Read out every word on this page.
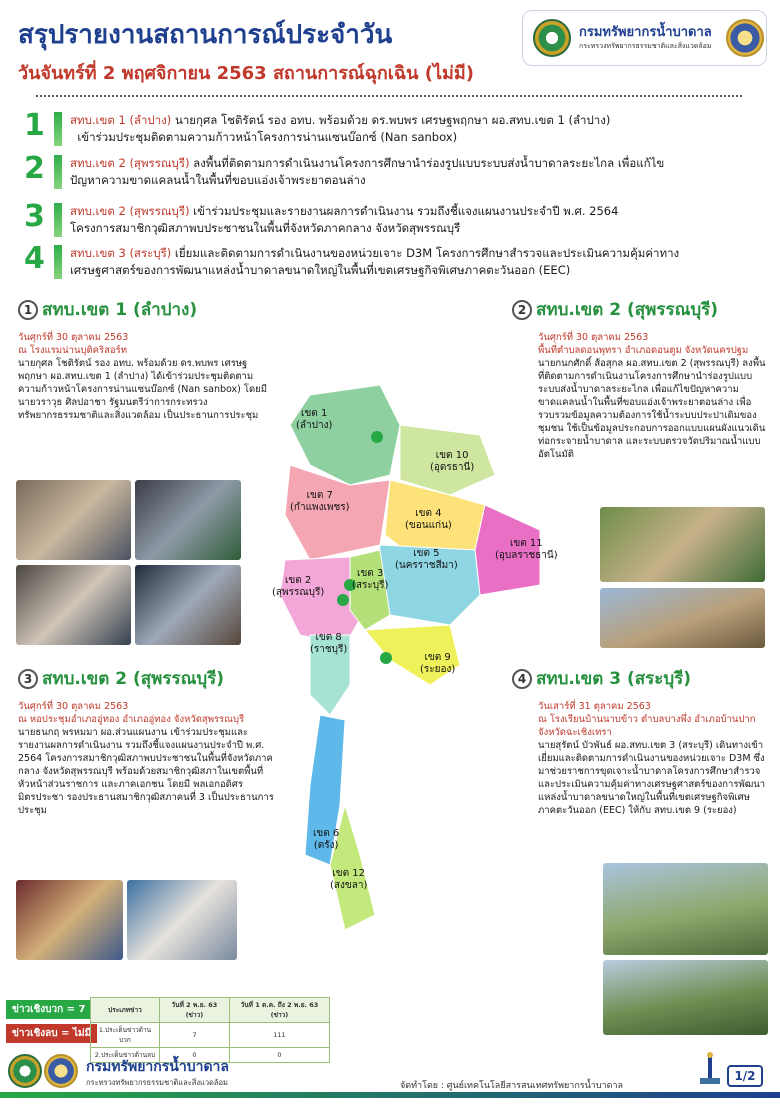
สรุปรายงานสถานการณ์ประจำวัน
วันจันทร์ที่ 2 พฤศจิกายน 2563 สถานการณ์ฉุกเฉิน (ไม่มี)
กรมทรัพยากรน้ำบาดาล
กระทรวงทรัพยากรธรรมชาติและสิ่งแวดล้อม
1 สทบ.เขต 1 (ลำปาง) นายกุศล โชติรัตน์ รอง อทบ. พร้อมด้วย ดร.พบพร เศรษฐพฤกษา ผอ.สทบ.เขต 1 (ลำปาง)
เข้าร่วมประชุมติดตามความก้าวหน้าโครงการน่านแซนบ๊อกซ์ (Nan sanbox)
2 สทบ.เขต 2 (สุพรรณบุรี) ลงพื้นที่ติดตามการดำเนินงานโครงการศึกษานำร่องรูปแบบระบบส่งน้ำบาดาลระยะไกล เพื่อแก้ไข
ปัญหาความขาดแคลนน้ำในพื้นที่ขอบแอ่งเจ้าพระยาตอนล่าง
3 สทบ.เขต 2 (สุพรรณบุรี) เข้าร่วมประชุมและรายงานผลการดำเนินงาน รวมถึงชี้แจงแผนงานประจำปี พ.ศ. 2564
โครงการสมาชิกวุฒิสภาพบประชาชนในพื้นที่จังหวัดภาคกลาง จังหวัดสุพรรณบุรี
4 สทบ.เขต 3 (สระบุรี) เยี่ยมและติดตามการดำเนินงานของหน่วยเจาะ D3M โครงการศึกษาสำรวจและประเมินความคุ้มค่าทาง
เศรษฐศาสตร์ของการพัฒนาแหล่งน้ำบาดาลขนาดใหญ่ในพื้นที่เขตเศรษฐกิจพิเศษภาคตะวันออก (EEC)
เขต 1
(ลำปาง)
เขต 10
(อุดรธานี)
เขต 7
(กำแพงเพชร)
เขต 4
(ขอนแก่น)
เขต 5
(นครราชสีมา)
เขต 11
(อุบลราชธานี)
เขต 2
(สุพรรณบุรี)
เขต 3
(สระบุรี)
เขต 8
(ราชบุรี)
เขต 9
(ระยอง)
เขต 6
(ตรัง)
เขต 12
(สงขลา)
1 สทบ.เขต 1 (ลำปาง)
วันศุกร์ที่ 30 ตุลาคม 2563
ณ โรงแรมน่านบุติคริสอร์ท
นายกุศล โชติรัตน์ รอง อทบ. พร้อมด้วย ดร.พบพร เศรษฐพฤกษา ผอ.สทบ.เขต 1 (ลำปาง) ได้เข้าร่วมประชุมติดตามความก้าวหน้าโครงการน่านแซนบ๊อกซ์ (Nan sanbox) โดยมี นายวราวุธ ศิลปอาชา รัฐมนตรีว่าการกระทรวงทรัพยากรธรรมชาติและสิ่งแวดล้อม เป็นประธานการประชุม
2 สทบ.เขต 2 (สุพรรณบุรี)
วันศุกร์ที่ 30 ตุลาคม 2563
พื้นที่ตำบลดอนพุทรา อำเภอดอนตูม จังหวัดนครปฐม
นายกนกศักดิ์ ส้อสุกล ผอ.สทบ.เขต 2 (สุพรรณบุรี) ลงพื้นที่ติดตามการดำเนินงานโครงการศึกษานำร่องรูปแบบระบบส่งน้ำบาดาลระยะไกล เพื่อแก้ไขปัญหาความขาดแคลนน้ำในพื้นที่ขอบแอ่งเจ้าพระยาตอนล่าง เพื่อรวบรวมข้อมูลความต้องการใช้น้ำระบบประปาเดิมของชุมชน ใช้เป็นข้อมูลประกอบการออกแบบแผนผังแนวเดินท่อกระจายน้ำบาดาล และระบบตรวจวัดปริมาณน้ำแบบอัตโนมัติ
3 สทบ.เขต 2 (สุพรรณบุรี)
วันศุกร์ที่ 30 ตุลาคม 2563
ณ หอประชุมอำเภออู่ทอง อำเภออู่ทอง จังหวัดสุพรรณบุรี
นายธนกฤ พรหมมา ผอ.ส่วนแผนงาน เข้าร่วมประชุมและรายงานผลการดำเนินงาน รวมถึงชี้แจงแผนงานประจำปี พ.ศ. 2564 โครงการสมาชิกวุฒิสภาพบประชาชนในพื้นที่จังหวัดภาคกลาง จังหวัดสุพรรณบุรี พร้อมด้วยสมาชิกวุฒิสภาในเขตพื้นที่ หัวหน้าส่วนราชการ และภาคเอกชน โดยมี พลเอกอดิศร มิตรประชา รองประธานสมาชิกวุฒิสภาคนที่ 3 เป็นประธานการประชุม
4 สทบ.เขต 3 (สระบุรี)
วันเสาร์ที่ 31 ตุลาคม 2563
ณ โรงเรียนบ้านนาบข้าว ตำบลบางพึ่ง อำเภอบ้านปากจังหวัดฉะเชิงเทรา
นายสุรัตน์ บัวพันธ์ ผอ.สทบ.เขต 3 (สระบุรี) เดินทางเข้าเยี่ยมและติดตามการดำเนินงานของหน่วยเจาะ D3M ซึ่งมาช่วยราชการขุดเจาะน้ำบาดาลโครงการศึกษาสำรวจและประเมินความคุ้มค่าทางเศรษฐศาสตร์ของการพัฒนาแหล่งน้ำบาดาลขนาดใหญ่ในพื้นที่เขตเศรษฐกิจพิเศษภาคตะวันออก (EEC) ให้กับ สทบ.เขต 9 (ระยอง)
ข่าวเชิงบวก = 7
ข่าวเชิงลบ = ไม่มี
ประเภทข่าว	วันที่ 2 พ.ย. 63 (ข่าว)	วันที่ 1 ต.ค. ถึง 2 พ.ย. 63 (ข่าว)
1.ประเด็นข่าวด้านบวก	7	111
2.ประเด็นข่าวด้านลบ	0	0
กรมทรัพยากรน้ำบาดาล
กระทรวงทรัพยากรธรรมชาติและสิ่งแวดล้อม	จัดทำโดย : ศูนย์เทคโนโลยีสารสนเทศทรัพยากรน้ำบาดาล
1/2
